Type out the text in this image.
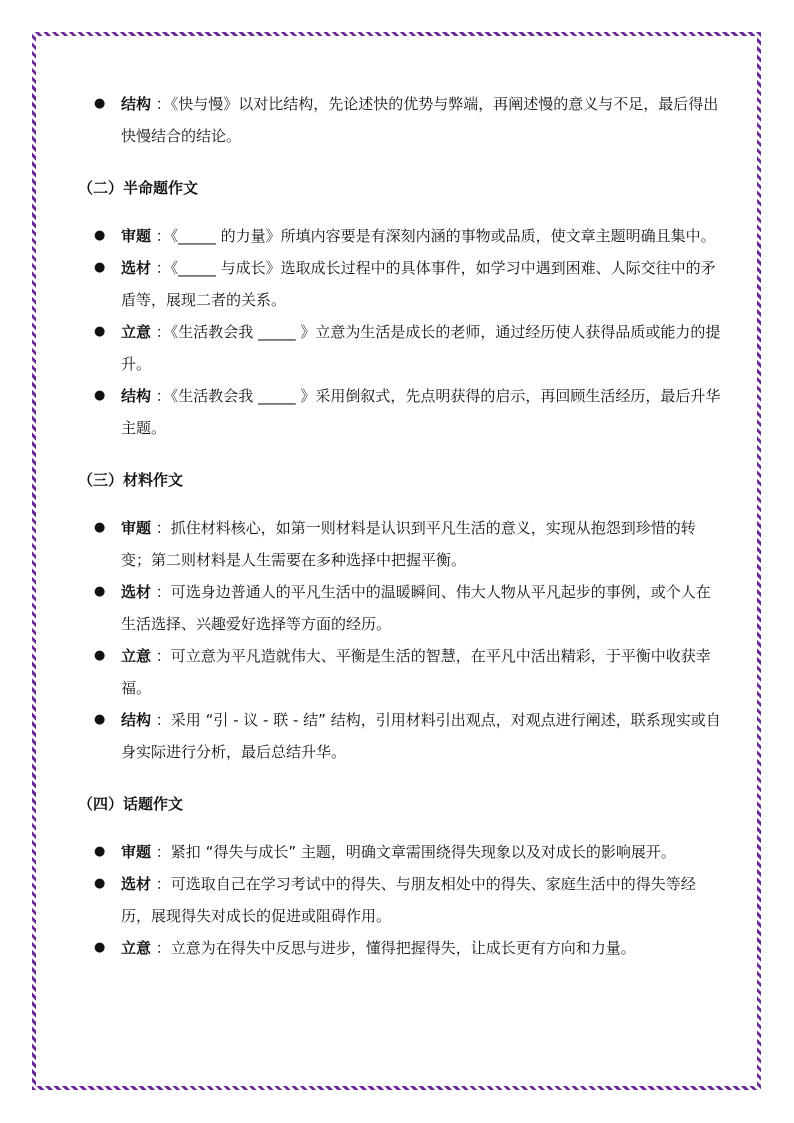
● 结构 ：《快与慢》以对比结构，先论述快的优势与弊端，再阐述慢的意义与不足，最后得出快慢结合的结论。
（二）半命题作文
● 审题 ：《_____ 的力量》所填内容要是有深刻内涵的事物或品质，使文章主题明确且集中。
● 选材 ：《_____ 与成长》选取成长过程中的具体事件，如学习中遇到困难、人际交往中的矛盾等，展现二者的关系。
● 立意 ：《生活教会我 _____ 》立意为生活是成长的老师，通过经历使人获得品质或能力的提升。
● 结构 ：《生活教会我 _____ 》采用倒叙式，先点明获得的启示，再回顾生活经历，最后升华主题。
（三）材料作文
● 审题 ：抓住材料核心，如第一则材料是认识到平凡生活的意义，实现从抱怨到珍惜的转变；第二则材料是人生需要在多种选择中把握平衡。
● 选材 ：可选身边普通人的平凡生活中的温暖瞬间、伟大人物从平凡起步的事例，或个人在生活选择、兴趣爱好选择等方面的经历。
● 立意 ：可立意为平凡造就伟大、平衡是生活的智慧，在平凡中活出精彩，于平衡中收获幸福。
● 结构 ：采用 “引 - 议 - 联 - 结” 结构，引用材料引出观点，对观点进行阐述，联系现实或自身实际进行分析，最后总结升华。
（四）话题作文
● 审题 ：紧扣 “得失与成长” 主题，明确文章需围绕得失现象以及对成长的影响展开。
● 选材 ：可选取自己在学习考试中的得失、与朋友相处中的得失、家庭生活中的得失等经历，展现得失对成长的促进或阻碍作用。
● 立意 ：立意为在得失中反思与进步，懂得把握得失，让成长更有方向和力量。
